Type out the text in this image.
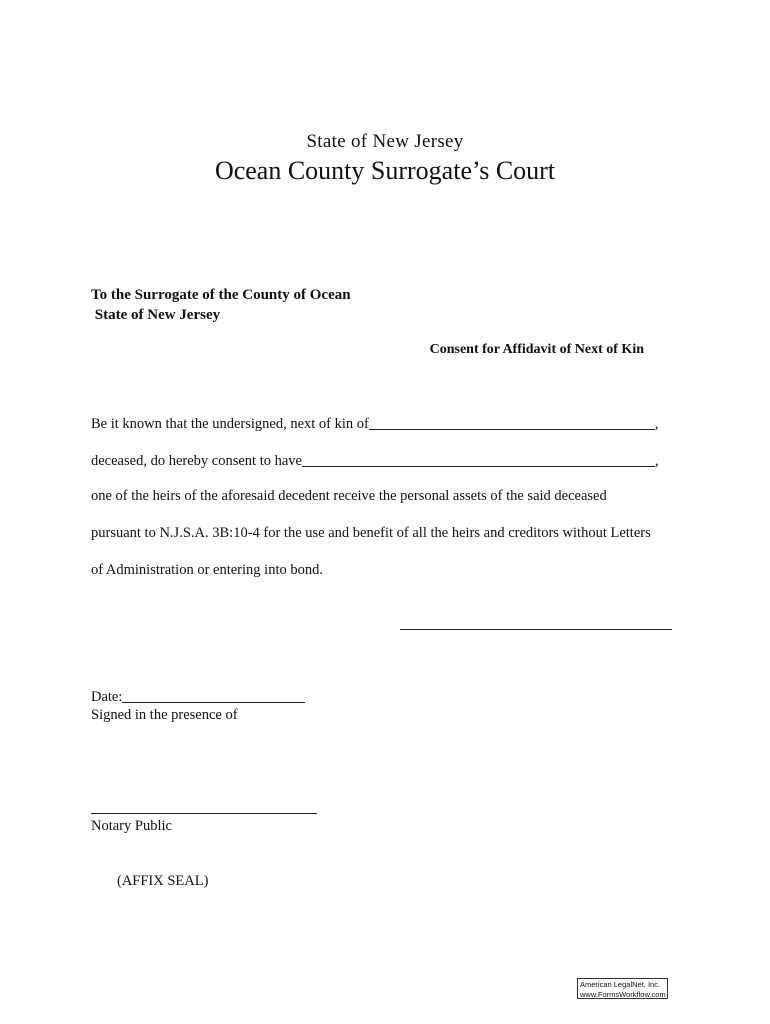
State of New Jersey
Ocean County Surrogate’s Court
To the Surrogate of the County of Ocean
State of New Jersey
Consent for Affidavit of Next of Kin
Be it known that the undersigned, next of kin of	,
deceased, do hereby consent to have	,
one of the heirs of the aforesaid decedent receive the personal assets of the said deceased
pursuant to N.J.S.A. 3B:10-4 for the use and benefit of all the heirs and creditors without Letters
of Administration or entering into bond.
Date:
Signed in the presence of
Notary Public
(AFFIX SEAL)
American LegalNet, Inc.
www.FormsWorkflow.com
